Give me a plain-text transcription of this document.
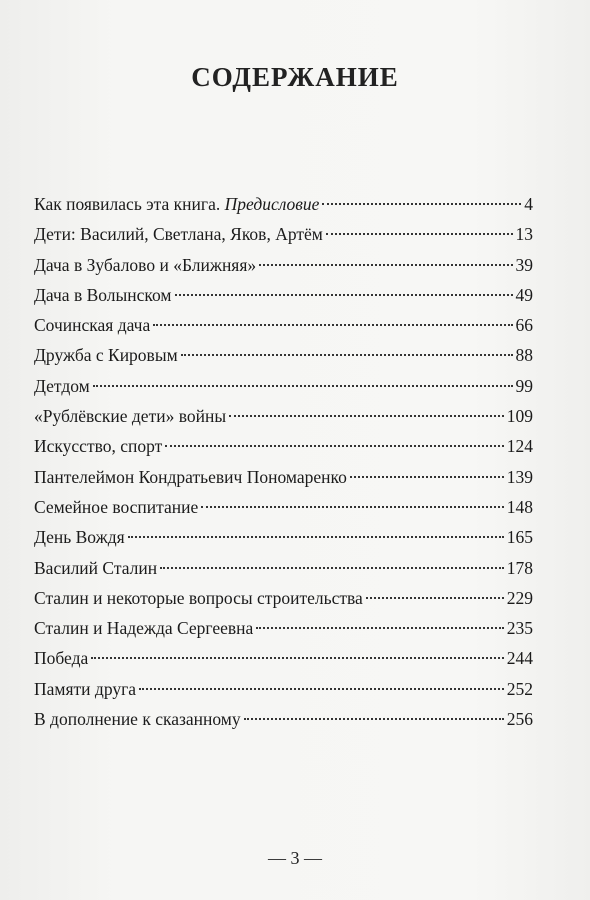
СОДЕРЖАНИЕ
Как появилась эта книга. Предисловие	4
Дети: Василий, Светлана, Яков, Артём	13
Дача в Зубалово и «Ближняя»	39
Дача в Волынском	49
Сочинская дача	66
Дружба с Кировым	88
Детдом	99
«Рублёвские дети» войны	109
Искусство, спорт	124
Пантелеймон Кондратьевич Пономаренко	139
Семейное воспитание	148
День Вождя	165
Василий Сталин	178
Сталин и некоторые вопросы строительства	229
Сталин и Надежда Сергеевна	235
Победа	244
Памяти друга	252
В дополнение к сказанному	256
— 3 —
